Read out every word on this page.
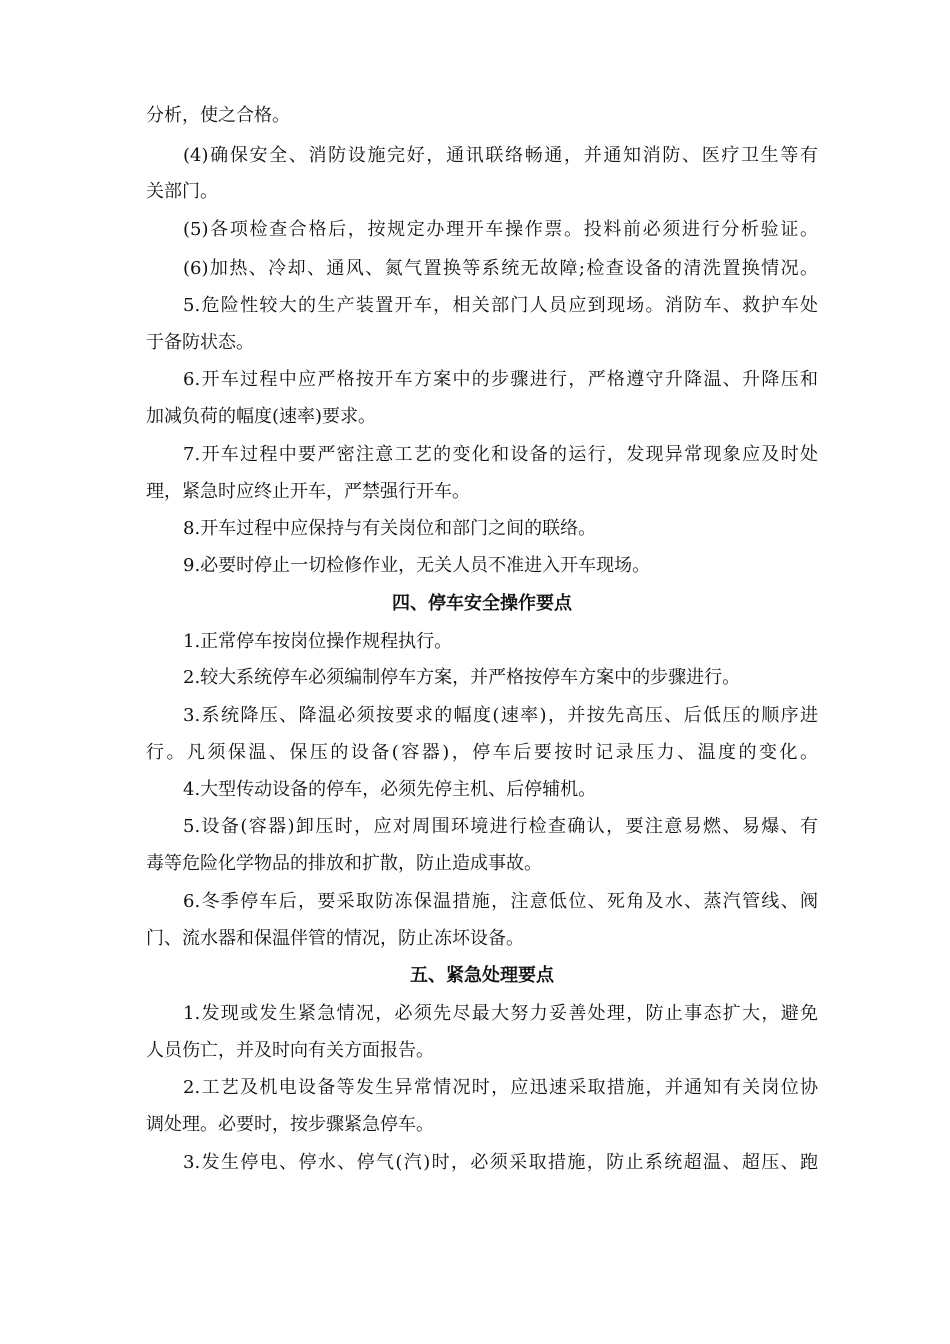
分析，使之合格。
(4)确保安全、消防设施完好，通讯联络畅通，并通知消防、医疗卫生等有
关部门。
(5)各项检查合格后，按规定办理开车操作票。投料前必须进行分析验证。
(6)加热、冷却、通风、氮气置换等系统无故障;检查设备的清洗置换情况。
5.危险性较大的生产装置开车，相关部门人员应到现场。消防车、救护车处
于备防状态。
6.开车过程中应严格按开车方案中的步骤进行，严格遵守升降温、升降压和
加减负荷的幅度(速率)要求。
7.开车过程中要严密注意工艺的变化和设备的运行，发现异常现象应及时处
理，紧急时应终止开车，严禁强行开车。
8.开车过程中应保持与有关岗位和部门之间的联络。
9.必要时停止一切检修作业，无关人员不准进入开车现场。
四、停车安全操作要点
1.正常停车按岗位操作规程执行。
2.较大系统停车必须编制停车方案，并严格按停车方案中的步骤进行。
3.系统降压、降温必须按要求的幅度(速率)，并按先高压、后低压的顺序进
行。凡须保温、保压的设备(容器)，停车后要按时记录压力、温度的变化。
4.大型传动设备的停车，必须先停主机、后停辅机。
5.设备(容器)卸压时，应对周围环境进行检查确认，要注意易燃、易爆、有
毒等危险化学物品的排放和扩散，防止造成事故。
6.冬季停车后，要采取防冻保温措施，注意低位、死角及水、蒸汽管线、阀
门、流水器和保温伴管的情况，防止冻坏设备。
五、紧急处理要点
1.发现或发生紧急情况，必须先尽最大努力妥善处理，防止事态扩大，避免
人员伤亡，并及时向有关方面报告。
2.工艺及机电设备等发生异常情况时，应迅速采取措施，并通知有关岗位协
调处理。必要时，按步骤紧急停车。
3.发生停电、停水、停气(汽)时，必须采取措施，防止系统超温、超压、跑
